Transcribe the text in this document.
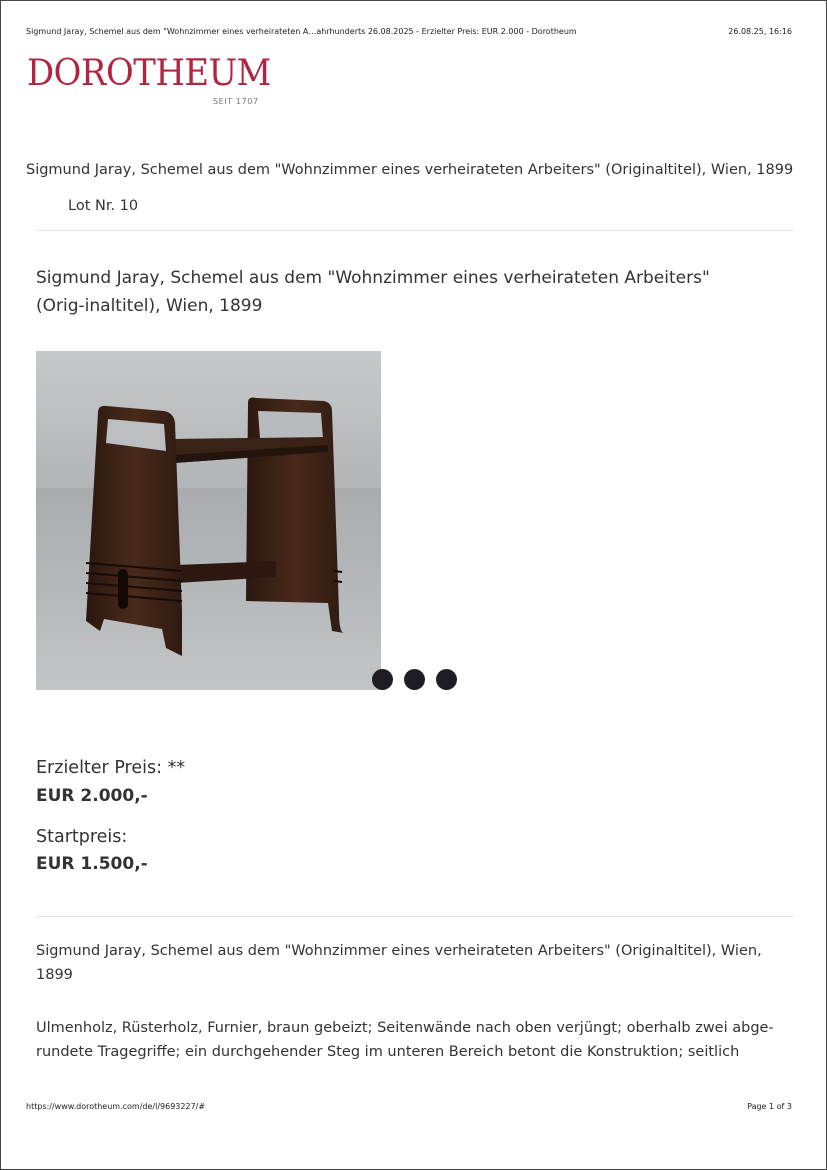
Sigmund Jaray, Schemel aus dem "Wohnzimmer eines verheirateten A…ahrhunderts 26.08.2025 - Erzielter Preis: EUR 2.000 - Dorotheum	26.08.25, 16:16
DOROTHEUM
SEIT 1707
Sigmund Jaray, Schemel aus dem "Wohnzimmer eines verheirateten Arbeiters" (Originaltitel), Wien, 1899
Lot Nr. 10
Sigmund Jaray, Schemel aus dem "Wohnzimmer eines verheirateten Arbeiters" (Orig-inaltitel), Wien, 1899
Erzielter Preis: **
EUR 2.000,-
Startpreis:
EUR 1.500,-
Sigmund Jaray, Schemel aus dem "Wohnzimmer eines verheirateten Arbeiters" (Originaltitel), Wien, 1899
Ulmenholz, Rüsterholz, Furnier, braun gebeizt; Seitenwände nach oben verjüngt; oberhalb zwei abge-rundete Tragegriffe; ein durchgehender Steg im unteren Bereich betont die Konstruktion; seitlich
https://www.dorotheum.com/de/l/9693227/#	Page 1 of 3
